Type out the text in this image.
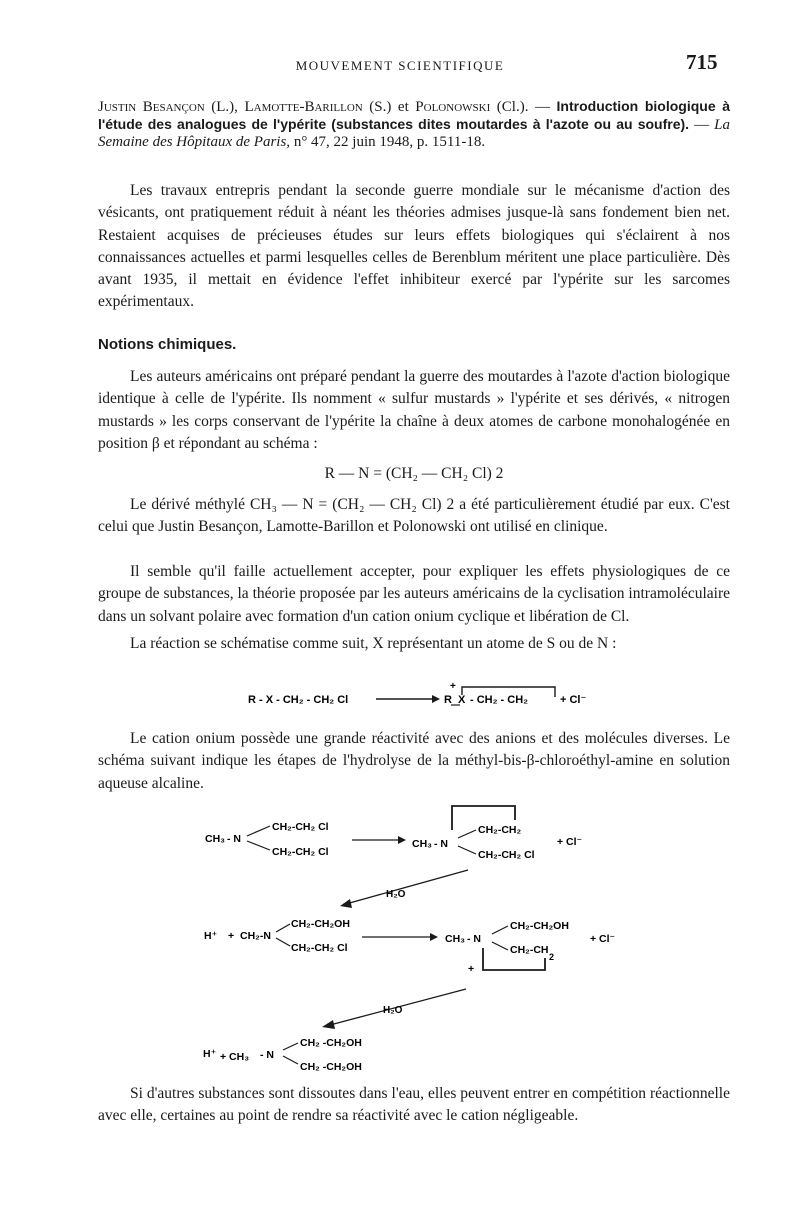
MOUVEMENT SCIENTIFIQUE	715
Justin Besançon (L.), Lamotte-Barillon (S.) et Polonowski (Cl.). — Introduction biologique à l'étude des analogues de l'ypérite (substances dites moutardes à l'azote ou au soufre). — La Semaine des Hôpitaux de Paris, n° 47, 22 juin 1948, p. 1511-18.
Les travaux entrepris pendant la seconde guerre mondiale sur le mécanisme d'action des vésicants, ont pratiquement réduit à néant les théories admises jusque-là sans fondement bien net. Restaient acquises de précieuses études sur leurs effets biologiques qui s'éclairent à nos connaissances actuelles et parmi lesquelles celles de Berenblum méritent une place particulière. Dès avant 1935, il mettait en évidence l'effet inhibiteur exercé par l'ypérite sur les sarcomes expérimentaux.
Notions chimiques.
Les auteurs américains ont préparé pendant la guerre des moutardes à l'azote d'action biologique identique à celle de l'ypérite. Ils nomment « sulfur mustards » l'ypérite et ses dérivés, « nitrogen mustards » les corps conservant de l'ypérite la chaîne à deux atomes de carbone monohalogénée en position β et répondant au schéma :
R — N = (CH₂ — CH₂ Cl) 2
Le dérivé méthylé CH₃ — N = (CH₂ — CH₂ Cl) 2 a été particulièrement étudié par eux. C'est celui que Justin Besançon, Lamotte-Barillon et Polonowski ont utilisé en clinique.
Il semble qu'il faille actuellement accepter, pour expliquer les effets physiologiques de ce groupe de substances, la théorie proposée par les auteurs américains de la cyclisation intramoléculaire dans un solvant polaire avec formation d'un cation onium cyclique et libération de Cl.
La réaction se schématise comme suit, X représentant un atome de S ou de N :
R - X - CH₂ - CH₂ Cl
+
R X - CH₂ - CH₂	+ Cl⁻
Le cation onium possède une grande réactivité avec des anions et des molécules diverses. Le schéma suivant indique les étapes de l'hydrolyse de la méthyl-bis-β-chloroéthyl-amine en solution aqueuse alcaline.
CH₃ - N
CH₂-CH₂ Cl
CH₂-CH₂ Cl
CH₃ - N
CH₂-CH₂
CH₂-CH₂ Cl
+ Cl⁻
H₂O
H⁺ + CH₂-N
CH₂-CH₂OH
CH₂-CH₂ Cl
CH₃ - N
CH₂-CH₂OH
CH₂-CH
2
+
+ Cl⁻
H₂O
H⁺ + CH₃ - N
CH₂ -CH₂OH
CH₂ -CH₂OH
Si d'autres substances sont dissoutes dans l'eau, elles peuvent entrer en compétition réactionnelle avec elle, certaines au point de rendre sa réactivité avec le cation négligeable.
